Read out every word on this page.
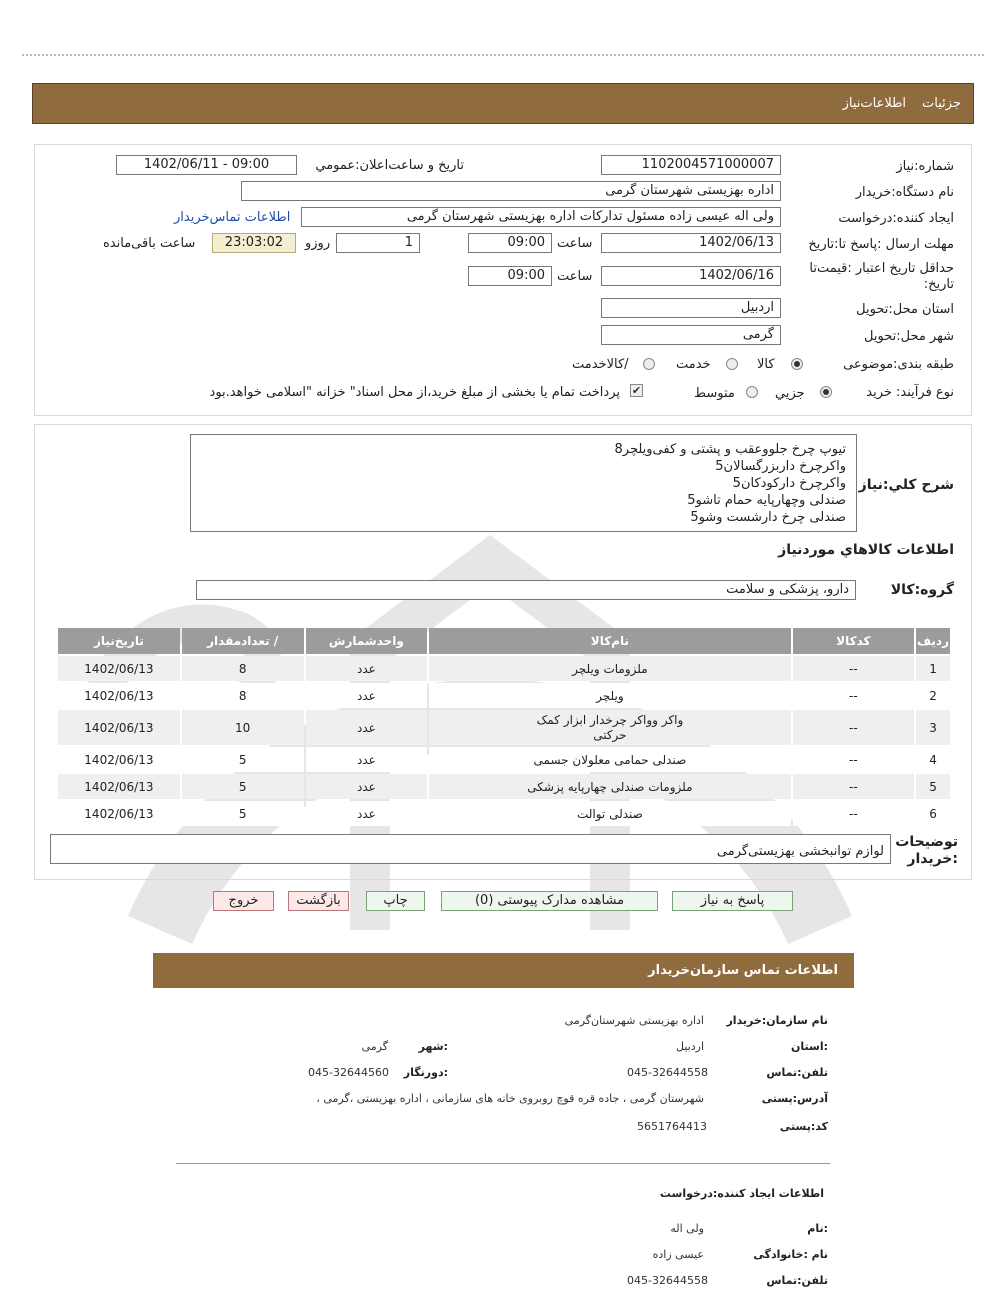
جزئیات
اطلاعات‌نیاز
شماره:نیاز
1102004571000007
تاریخ و ساعت‌اعلان:عمومي
1402/06/11 - 09:00
نام دستگاه:خريدار
اداره بهزیستی شهرستان گرمی
ایجاد کننده:درخواست
ولی اله عیسی زاده مسئول تدارکات اداره بهزیستی شهرستان گرمی
اطلاعات تماس‌خریدار
مهلت ارسال :پاسخ تا:تاریخ
1402/06/13
ساعت
09:00
1
روزو
23:03:02
ساعت باقی‌مانده
حداقل تاريخ اعتبار :قيمت‌تا تاريخ:
1402/06/16
ساعت
09:00
استان محل:تحويل
اردبیل
شهر محل:تحويل
گرمی
طبقه بندی:موضوعی
کالا
خدمت
/کالاخدمت
نوع فرآيند: خريد
جزيي
متوسط
✔
پرداخت تمام یا بخشی از مبلغ خرید،از محل اسناد" خزانه "اسلامی خواهد.بود
شرح کلي:نياز
تیوپ چرخ جلووعقب و پشتی و کفی‌ویلچر8
واکرچرخ داربزرگسالان5
واکرچرخ دارکودکان5
صندلی وچهارپایه حمام تاشو5
صندلی چرخ دارشست وشو5
اطلاعات کالاهاي مورد‌نياز
گروه:کالا
دارو، پزشکی و سلامت
رديف	کدکالا	نام‌کالا	واحدشمارش	/ تعدادمقدار	تاريخ‌نياز
1	--	ملزومات ویلچر	عدد	8	1402/06/13
2	--	ویلچر	عدد	8	1402/06/13
3	--	واکر وواکر چرخدار ابزار کمک حرکتی	عدد	10	1402/06/13
4	--	صندلی حمامی معلولان جسمی	عدد	5	1402/06/13
5	--	ملزومات صندلی چهارپایه پزشکی	عدد	5	1402/06/13
6	--	صندلی توالت	عدد	5	1402/06/13
توضيحات :خريدار
لوازم توانبخشی بهزیستی‌گرمی
پاسخ به نياز
مشاهده مدارک پيوستی (0)
چاپ
بازگشت
خروج
اطلاعات تماس سازمان‌خريدار
نام سازمان:خريدار
اداره بهزیستی شهرستان‌گرمی
:استان
اردبیل
:شهر
گرمی
تلفن:تماس
045-32644558
:دورنگار
045-32644560
آدرس:پستی
شهرستان گرمی ، جاده قره قوچ روبروی خانه های سازمانی ، اداره بهزیستی ،گرمی ،
کد:پستی
5651764413
اطلاعات ایجاد کننده:درخواست
:نام
ولی اله
نام :خانوادگی
عیسی زاده
تلفن:تماس
045-32644558
